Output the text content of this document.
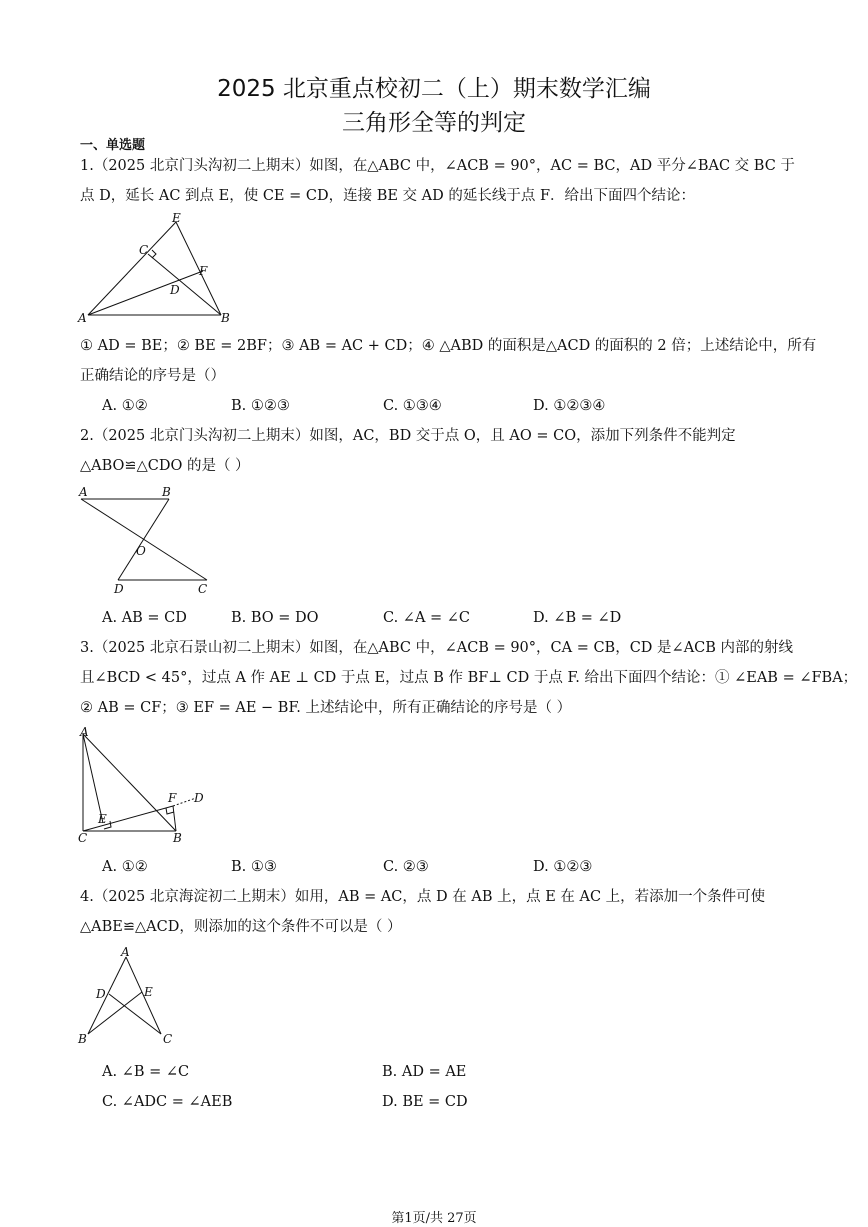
2025 北京重点校初二（上）期末数学汇编
三角形全等的判定
一、单选题
1.（2025 北京门头沟初二上期末）如图，在△ABC 中，∠ACB = 90°，AC = BC，AD 平分∠BAC 交 BC 于
点 D，延长 AC 到点 E，使 CE = CD，连接 BE 交 AD 的延长线于点 F．给出下面四个结论：
A	B
C
D
E
F
① AD = BE；② BE = 2BF；③ AB = AC + CD；④ △ABD 的面积是△ACD 的面积的 2 倍；上述结论中，所有
正确结论的序号是（）
A. ①②	B. ①②③	C. ①③④	D. ①②③④
2.（2025 北京门头沟初二上期末）如图，AC，BD 交于点 O，且 AO = CO，添加下列条件不能判定
△ABO≌△CDO 的是（ ）
A	B
O
D	C
A. AB = CD	B. BO = DO	C. ∠A = ∠C	D. ∠B = ∠D
3.（2025 北京石景山初二上期末）如图，在△ABC 中，∠ACB = 90°，CA = CB，CD 是∠ACB 内部的射线
且∠BCD < 45°，过点 A 作 AE ⊥ CD 于点 E，过点 B 作 BF⊥ CD 于点 F. 给出下面四个结论：① ∠EAB = ∠FBA；
② AB = CF；③ EF = AE − BF. 上述结论中，所有正确结论的序号是（ ）
A
C	B
E
F D
A. ①②	B. ①③	C. ②③	D. ①②③
4.（2025 北京海淀初二上期末）如用，AB = AC，点 D 在 AB 上，点 E 在 AC 上，若添加一个条件可使
△ABE≌△ACD，则添加的这个条件不可以是（ ）
A
D	E
B	C
A. ∠B = ∠C	B. AD = AE
C. ∠ADC = ∠AEB	D. BE = CD
第1页/共 27页
